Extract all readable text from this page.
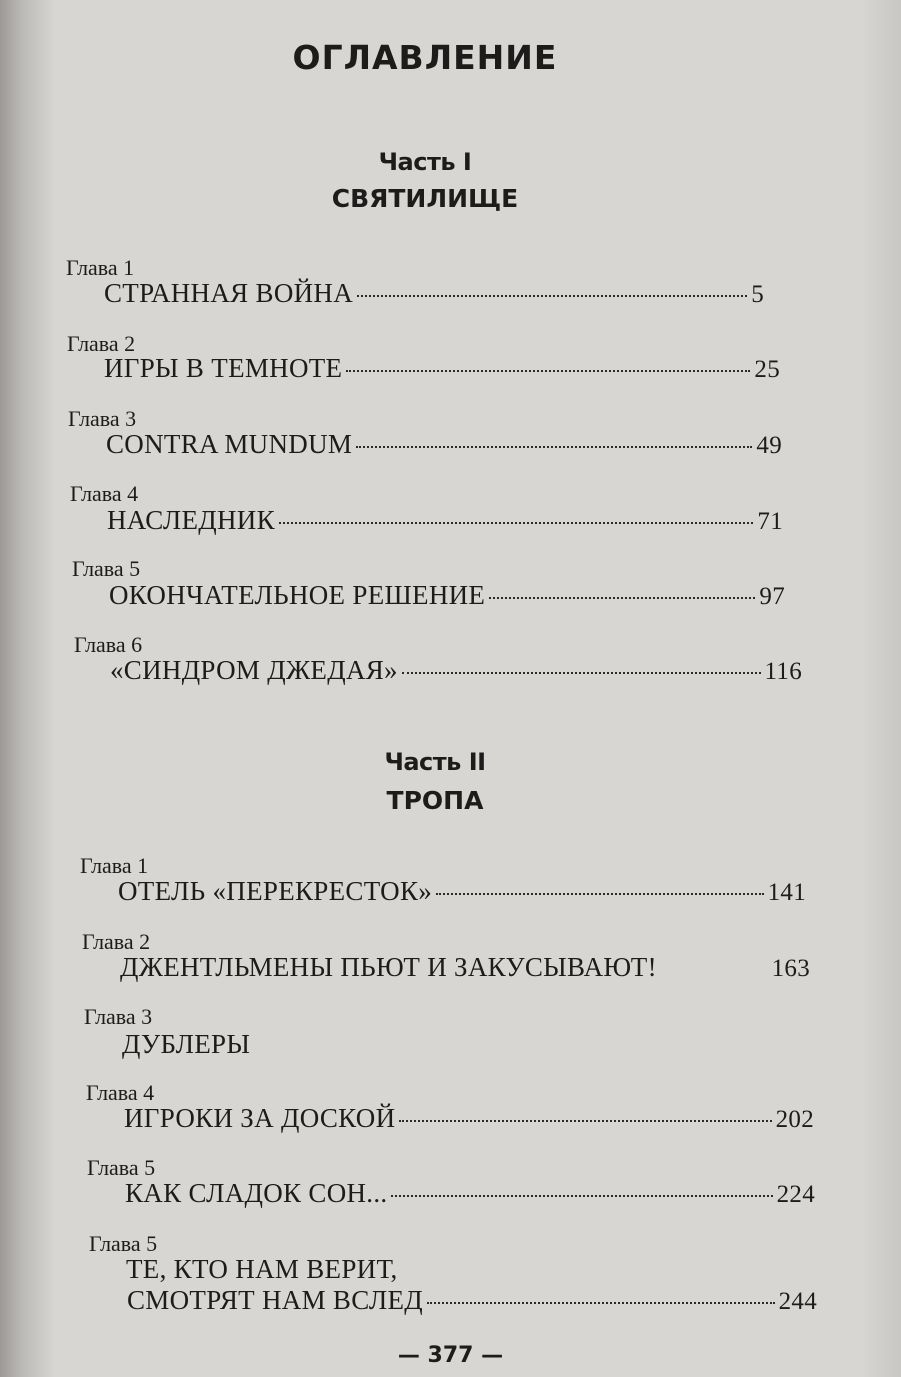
ОГЛАВЛЕНИЕ
Часть I
СВЯТИЛИЩЕ
Глава 1
СТРАННАЯ ВОЙНА	5
Глава 2
ИГРЫ В ТЕМНОТЕ	25
Глава 3
CONTRA MUNDUM	49
Глава 4
НАСЛЕДНИК	71
Глава 5
ОКОНЧАТЕЛЬНОЕ РЕШЕНИЕ	97
Глава 6
«СИНДРОМ ДЖЕДАЯ»	116
Часть II
ТРОПА
Глава 1
ОТЕЛЬ «ПЕРЕКРЕСТОК»	141
Глава 2
ДЖЕНТЛЬМЕНЫ ПЬЮТ И ЗАКУСЫВАЮТ!	163
Глава 3
ДУБЛЕРЫ
Глава 4
ИГРОКИ ЗА ДОСКОЙ	202
Глава 5
КАК СЛАДОК СОН...	224
Глава 5
ТЕ, КТО НАМ ВЕРИТ,
СМОТРЯТ НАМ ВСЛЕД	244
— 377 —
